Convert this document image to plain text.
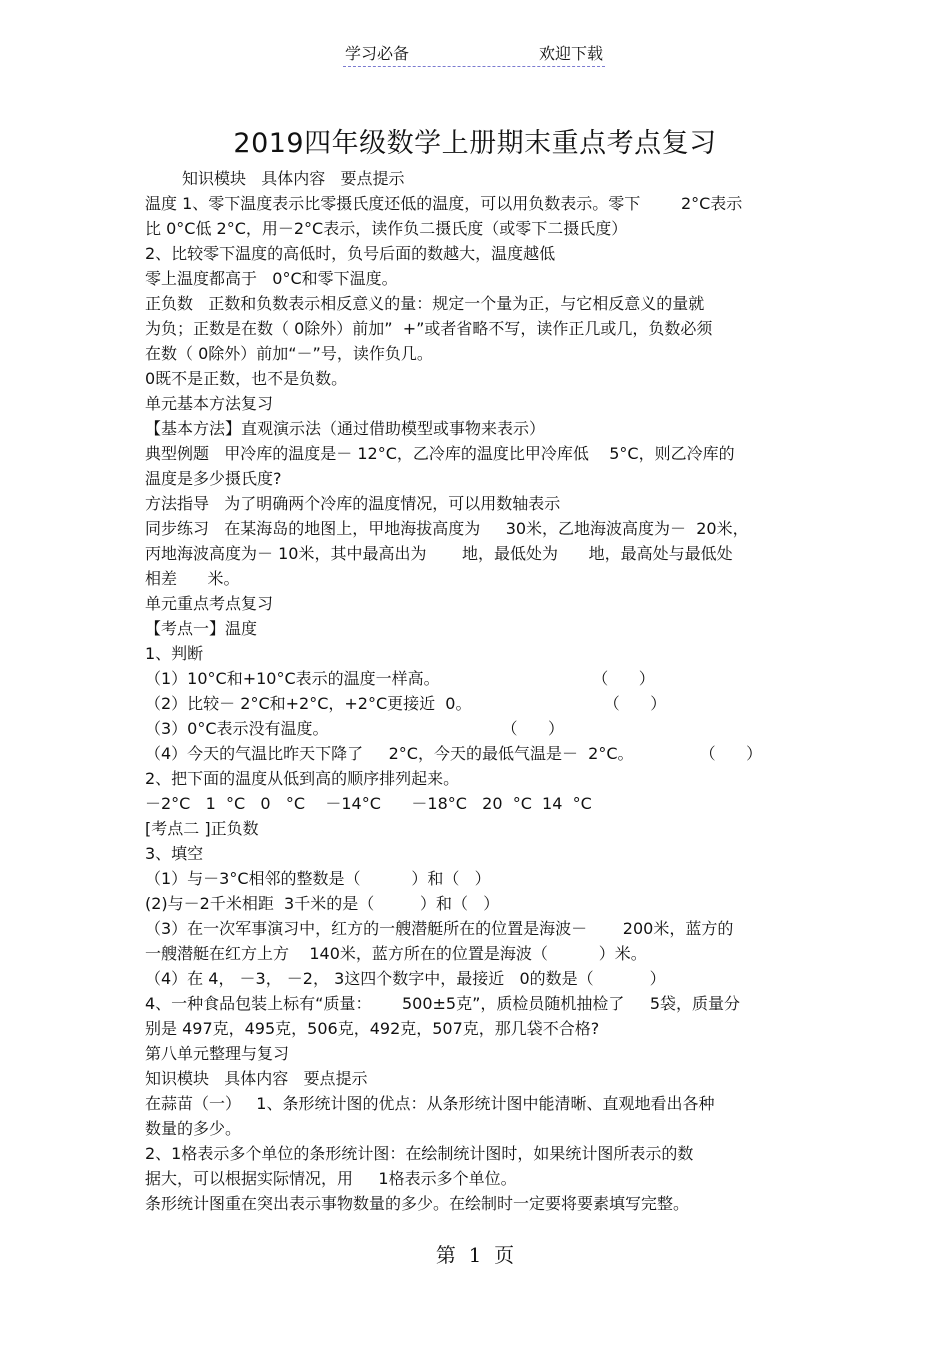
学习必备	欢迎下载
2019四年级数学上册期末重点考点复习
知识模块   具体内容   要点提示
温度 1、零下温度表示比零摄氏度还低的温度，可以用负数表示。零下        2°C表示
比 0°C低 2°C，用－2°C表示，读作负二摄氏度（或零下二摄氏度）
2、比较零下温度的高低时，负号后面的数越大，温度越低
零上温度都高于   0°C和零下温度。
正负数   正数和负数表示相反意义的量：规定一个量为正，与它相反意义的量就
为负；正数是在数（ 0除外）前加”  +”或者省略不写，读作正几或几，负数必须
在数（ 0除外）前加“－”号，读作负几。
0既不是正数，也不是负数。
单元基本方法复习
【基本方法】直观演示法（通过借助模型或事物来表示）
典型例题   甲冷库的温度是－ 12°C，乙冷库的温度比甲冷库低    5°C，则乙冷库的
温度是多少摄氏度?
方法指导   为了明确两个冷库的温度情况，可以用数轴表示
同步练习   在某海岛的地图上，甲地海拔高度为     30米，乙地海波高度为－  20米，
丙地海波高度为－ 10米，其中最高出为       地，最低处为      地，最高处与最低处
相差      米。
单元重点考点复习
【考点一】温度
1、判断
（1）10°C和+10°C表示的温度一样高。                              （      ）
（2）比较－ 2°C和+2°C，+2°C更接近  0。                          （      ）
（3）0°C表示没有温度。                                  （      ）
（4）今天的气温比昨天下降了     2°C，今天的最低气温是－  2°C。             （      ）
2、把下面的温度从低到高的顺序排列起来。
－2°C   1  °C   0   °C    －14°C      －18°C   20  °C  14  °C
[考点二 ]正负数
3、填空
（1）与－3°C相邻的整数是（          ）和（   ）
(2)与－2千米相距  3千米的是（         ）和（   ）
（3）在一次军事演习中，红方的一艘潜艇所在的位置是海波－       200米，蓝方的
一艘潜艇在红方上方    140米，蓝方所在的位置是海波（          ）米。
（4）在 4， －3， －2， 3这四个数字中，最接近   0的数是（           ）
4、一种食品包装上标有“质量：      500±5克”，质检员随机抽检了     5袋，质量分
别是 497克，495克，506克，492克，507克，那几袋不合格?
第八单元整理与复习
知识模块   具体内容   要点提示
在蒜苗（一）   1、条形统计图的优点：从条形统计图中能清晰、直观地看出各种
数量的多少。
2、1格表示多个单位的条形统计图：在绘制统计图时，如果统计图所表示的数
据大，可以根据实际情况，用     1格表示多个单位。
条形统计图重在突出表示事物数量的多少。在绘制时一定要将要素填写完整。
第  1  页
